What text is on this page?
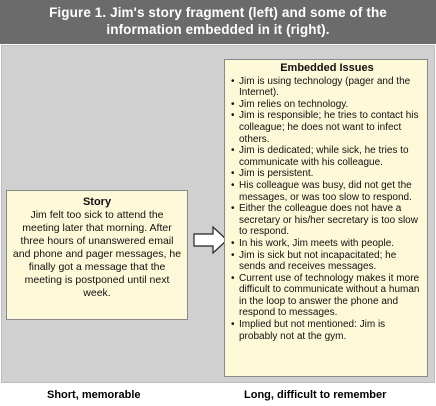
Figure 1. Jim's story fragment (left) and some of the
information embedded in it (right).
Story
Jim felt too sick to attend the meeting later that morning. After three hours of unanswered email and phone and pager messages, he finally got a message that the meeting is postponed until next week.
Embedded Issues
• Jim is using technology (pager and the Internet).
• Jim relies on technology.
• Jim is responsible; he tries to contact his colleague; he does not want to infect others.
• Jim is dedicated; while sick, he tries to communicate with his colleague.
• Jim is persistent.
• His colleague was busy, did not get the messages, or was too slow to respond.
• Either the colleague does not have a secretary or his/her secretary is too slow to respond.
• In his work, Jim meets with people.
• Jim is sick but not incapacitated; he sends and receives messages.
• Current use of technology makes it more difficult to communicate without a human in the loop to answer the phone and respond to messages.
• Implied but not mentioned: Jim is probably not at the gym.
Short, memorable	Long, difficult to remember
